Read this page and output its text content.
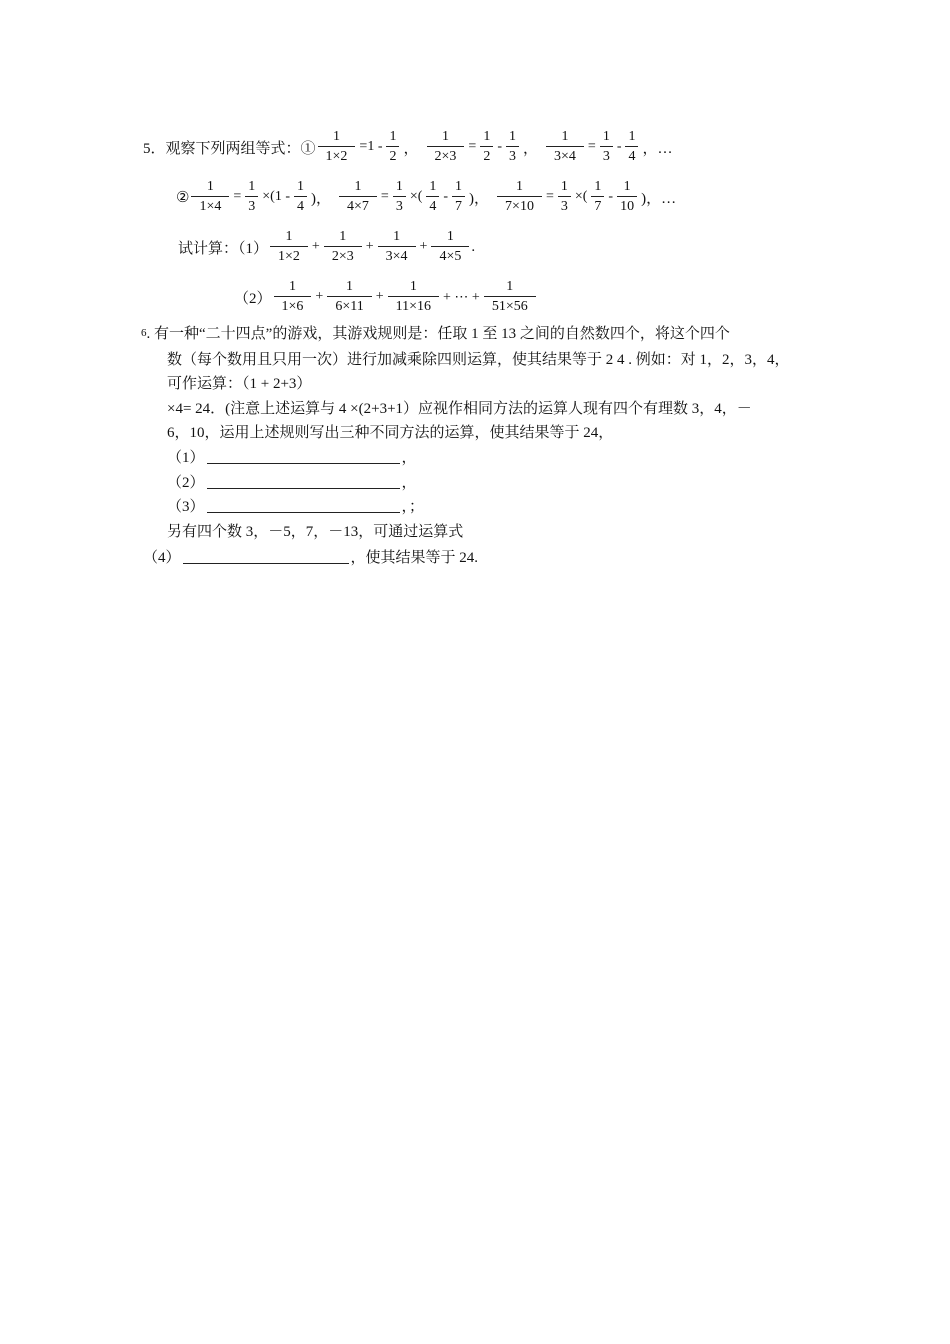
5．观察下列两组等式：① $\frac{1}{1\times 2} =1 - \frac{1}{2}$ ， $\frac{1}{2\times 3} = \frac{1}{2} - \frac{1}{3}$ ， $\frac{1}{3\times 4} = \frac{1}{3} - \frac{1}{4}$ ，…
② $\frac{1}{1\times 4} = \frac{1}{3} \times(1 - \frac{1}{4}$ )， $\frac{1}{4\times 7} = \frac{1}{3}$ ×( $\frac{1}{4} - \frac{1}{7}$ )， $\frac{1}{7\times 10} = \frac{1}{3}$ ×( $\frac{1}{7} - \frac{1}{10}$ )，…
试计算：$(1) \frac{1}{1\times 2} + \frac{1}{2\times 3} + \frac{1}{3\times 4} + \frac{1}{4\times 5}$ .
$(2) \frac{1}{1\times 6} + \frac{1}{6\times 11} + \frac{1}{11\times 16}$ + ⋯ + $\frac{1}{51\times 56}$
6 . 有一种“二十四点”的游戏，其游戏规则是：任取 1 至 13 之间的自然数四个，将这个四个
数（每个数用且只用一次）进行加减乘除四则运算，使其结果等于 2 4 . 例如：对 1，2，3，4，
可作运算：（1 + 2+3）
×4= 24．(注意上述运算与 4 ×(2+3+1）应视作相同方法的运算人现有四个有理数 3，4，－
6，10，运用上述规则写出三种不同方法的运算，使其结果等于 24，
（1）	，
（2）	，
（3）	，；
另有四个数 3，－5，7，－13，可通过运算式
（4）	，使其结果等于 24.
